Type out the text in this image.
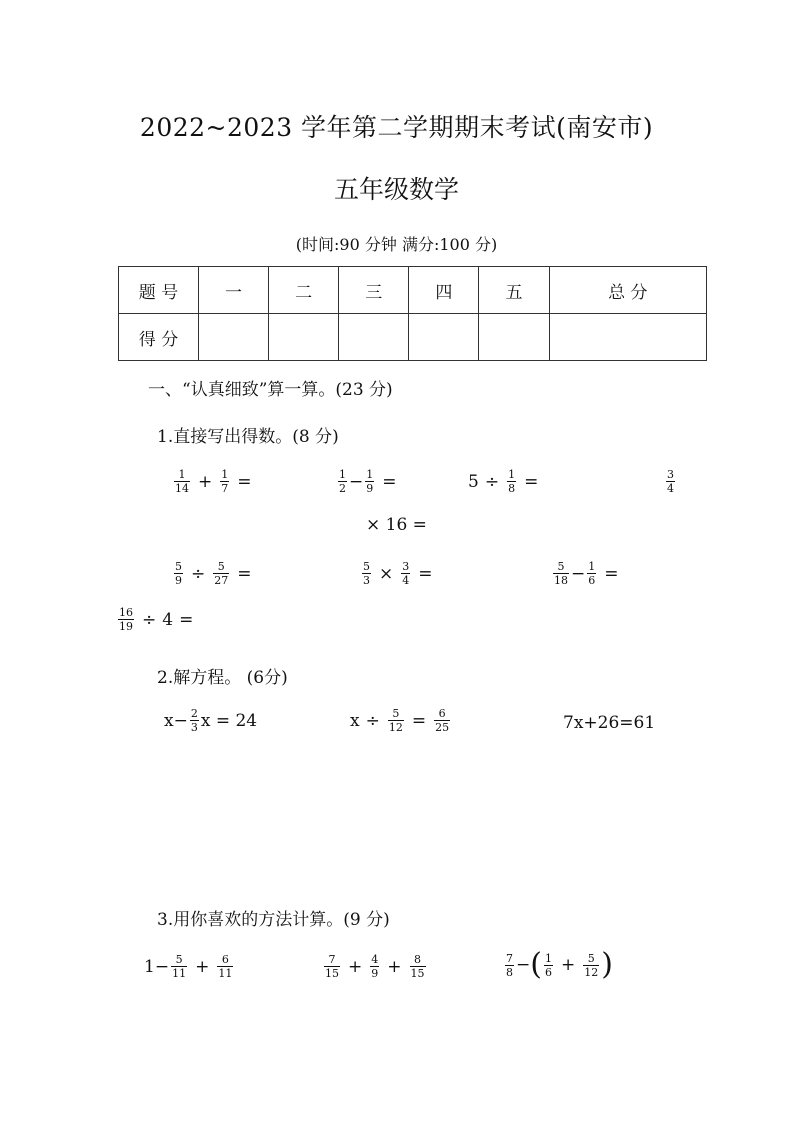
2022~2023 学年第二学期期末考试(南安市)
五年级数学
(时间:90 分钟 满分:100 分)
题 号	一	二	三	四	五	总 分
得 分						
一、“认真细致”算一算。(23 分)
1.直接写出得数。(8 分)
$\frac{1}{14} + \frac{1}{7}$ =	$\frac{1}{2} - \frac{1}{9}$ =	$5 \div \frac{1}{8}$ =	$\frac{3}{4}$
× 16 =
$\frac{5}{9} \div \frac{5}{27}$ =	$\frac{5}{3} \times \frac{3}{4}$ =	$\frac{5}{18} - \frac{1}{6}$ =
$\frac{16}{19} \div 4$ =
2.解方程。 (6分)
$x - \frac{2}{3}$ x = 24	$x \div \frac{5}{12} = \frac{6}{25}$	7x+26=61
3.用你喜欢的方法计算。(9 分)
$1 - \frac{5}{11} + \frac{6}{11}$	$\frac{7}{15} + \frac{4}{9} + \frac{8}{15}$	$\frac{7}{8}$ − ( $\frac{1}{6} + \frac{5}{12}$ )
